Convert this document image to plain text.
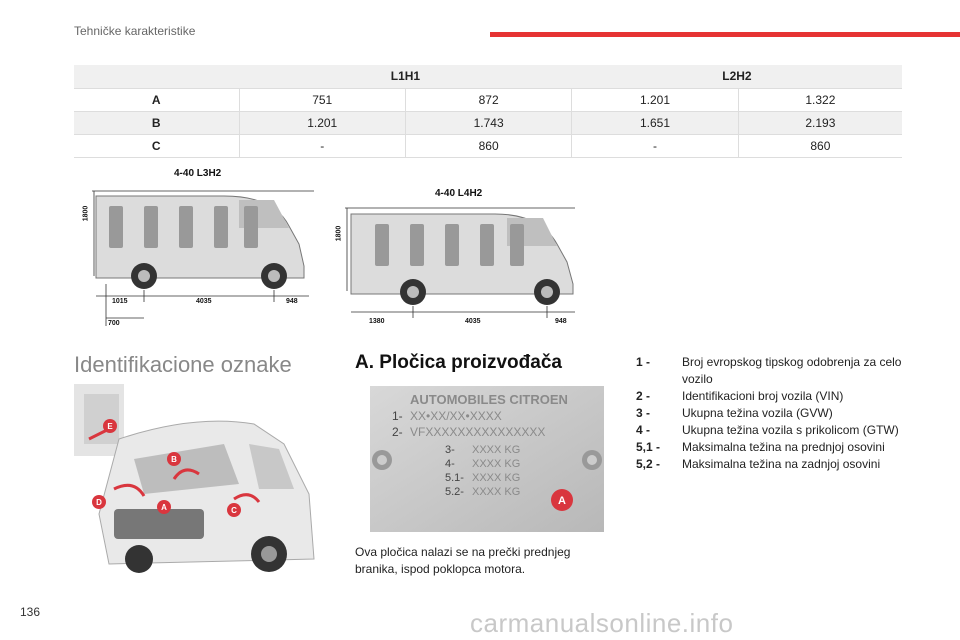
Tehničke karakteristike
	L1H1		L2H2	
A	751	872	1.201	1.322
B	1.201	1.743	1.651	2.193
C	-	860	-	860
4-40 L3H2
1800
1015	4035	948
700
4-40 L4H2
1800
1380	4035	948
Identifikacione oznake
E
B
D
A	C
A. Pločica proizvođača
AUTOMOBILES CITROEN
1- XX•XX/XX•XXXX
2- VFXXXXXXXXXXXXXXX
3- XXXX KG
4- XXXX KG
5.1- XXXX KG
5.2- XXXX KG
A
Ova pločica nalazi se na prečki prednjeg branika, ispod poklopca motora.
1 -	Broj evropskog tipskog odobrenja za celo vozilo
2 -	Identifikacioni broj vozila (VIN)
3 -	Ukupna težina vozila (GVW)
4 -	Ukupna težina vozila s prikolicom (GTW)
5,1 -	Maksimalna težina na prednjoj osovini
5,2 -	Maksimalna težina na zadnjoj osovini
136	carmanualsonline.info
